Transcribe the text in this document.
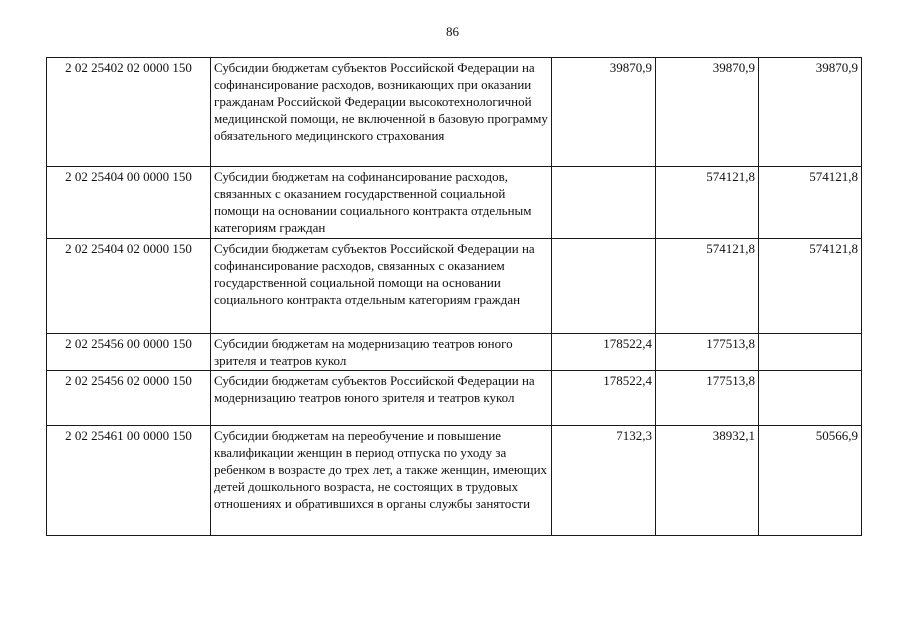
86
2 02 25402 02 0000 150	Субсидии бюджетам субъектов Российской Федерации на софинансирование расходов, возникающих при оказании гражданам Российской Федерации высокотехнологичной медицинской помощи, не включенной в базовую программу обязательного медицинского страхования	39870,9	39870,9	39870,9
2 02 25404 00 0000 150	Субсидии бюджетам на софинансирование расходов, связанных с оказанием государственной социальной помощи на основании социального контракта отдельным категориям граждан		574121,8	574121,8
2 02 25404 02 0000 150	Субсидии бюджетам субъектов Российской Федерации на софинансирование расходов, связанных с оказанием государственной социальной помощи на основании социального контракта отдельным категориям граждан		574121,8	574121,8
2 02 25456 00 0000 150	Субсидии бюджетам на модернизацию театров юного зрителя и театров кукол	178522,4	177513,8	
2 02 25456 02 0000 150	Субсидии бюджетам субъектов Российской Федерации на модернизацию театров юного зрителя и театров кукол	178522,4	177513,8	
2 02 25461 00 0000 150	Субсидии бюджетам на переобучение и повышение квалификации женщин в период отпуска по уходу за ребенком в возрасте до трех лет, а также женщин, имеющих детей дошкольного возраста, не состоящих в трудовых отношениях и обратившихся в органы службы занятости	7132,3	38932,1	50566,9
